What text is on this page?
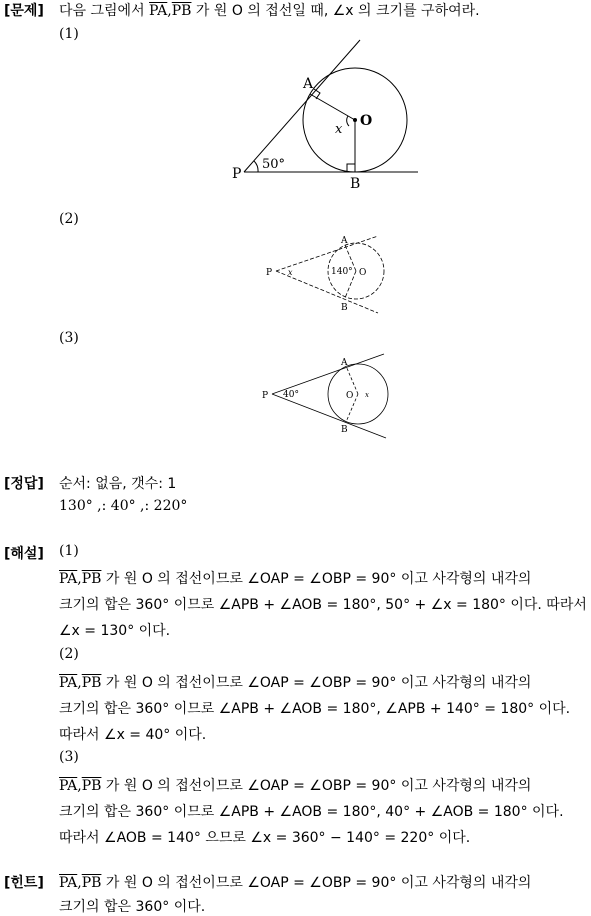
[문제] 다음 그림에서 $\overline{PA},\overline{PB}$ 가 원 O 의 접선일 때, ∠x 의 크기를 구하여라.
(1)
A
O
x
P
B
50°
(2)
A
O
P
B
x	140°
(3)
A
O x
P
B
40°
[정답] 순서: 없음, 갯수: 1
130° ,: 40° ,: 220°
[해설] (1)
$\overline{PA},\overline{PB}$ 가 원 O 의 접선이므로 ∠OAP = ∠OBP = 90° 이고 사각형의 내각의
크기의 합은 360° 이므로 ∠APB + ∠AOB = 180°, 50° + ∠x = 180° 이다. 따라서
∠x = 130° 이다.
(2)
$\overline{PA},\overline{PB}$ 가 원 O 의 접선이므로 ∠OAP = ∠OBP = 90° 이고 사각형의 내각의
크기의 합은 360° 이므로 ∠APB + ∠AOB = 180°, ∠APB + 140° = 180° 이다.
따라서 ∠x = 40° 이다.
(3)
$\overline{PA},\overline{PB}$ 가 원 O 의 접선이므로 ∠OAP = ∠OBP = 90° 이고 사각형의 내각의
크기의 합은 360° 이므로 ∠APB + ∠AOB = 180°, 40° + ∠AOB = 180° 이다.
따라서 ∠AOB = 140° 으므로 ∠x = 360° − 140° = 220° 이다.
[힌트] $\overline{PA},\overline{PB}$ 가 원 O 의 접선이므로 ∠OAP = ∠OBP = 90° 이고 사각형의 내각의
크기의 합은 360° 이다.
